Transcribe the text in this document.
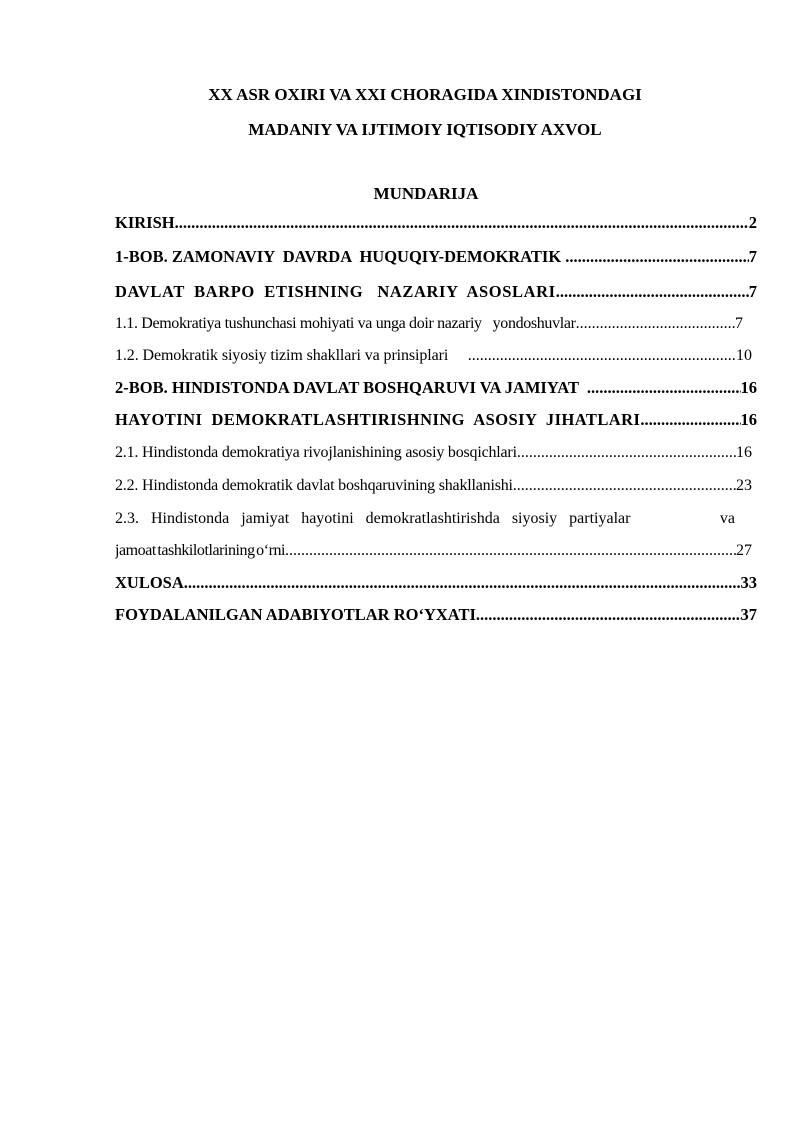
XX ASR OXIRI VA XXI CHORAGIDA XINDISTONDAGI
MADANIY VA IJTIMOIY IQTISODIY AXVOL
MUNDARIJA
KIRISH .....	2
1-BOB. ZAMONAVIY  DAVRDA  HUQUQIY-DEMOKRATIK .....	7
DAVLAT  BARPO  ETISHNING   NAZARIY  ASOSLARI .....	7
1.1. Demokratiya tushunchasi mohiyati va unga doir nazariy   yondoshuvlar .....	7
1.2. Demokratik siyosiy tizim shakllari va prinsiplari .....	10
2-BOB. HINDISTONDA DAVLAT BOSHQARUVI VA JAMIYAT .....	16
HAYOTINI  DEMOKRATLASHTIRISHNING  ASOSIY  JIHATLARI .....	16
2.1. Hindistonda demokratiya rivojlanishining asosiy bosqichlari .....	16
2.2. Hindistonda demokratik davlat boshqaruvining shakllanishi .....	23
2.3.  Hindistonda  jamiyat  hayotini  demokratlashtirishda  siyosiy  partiyalar	va
jamoat tashkilotlarining o‘rni .....	27
XULOSA .....	33
FOYDALANILGAN ADABIYOTLAR RO‘YXATI .....	37
